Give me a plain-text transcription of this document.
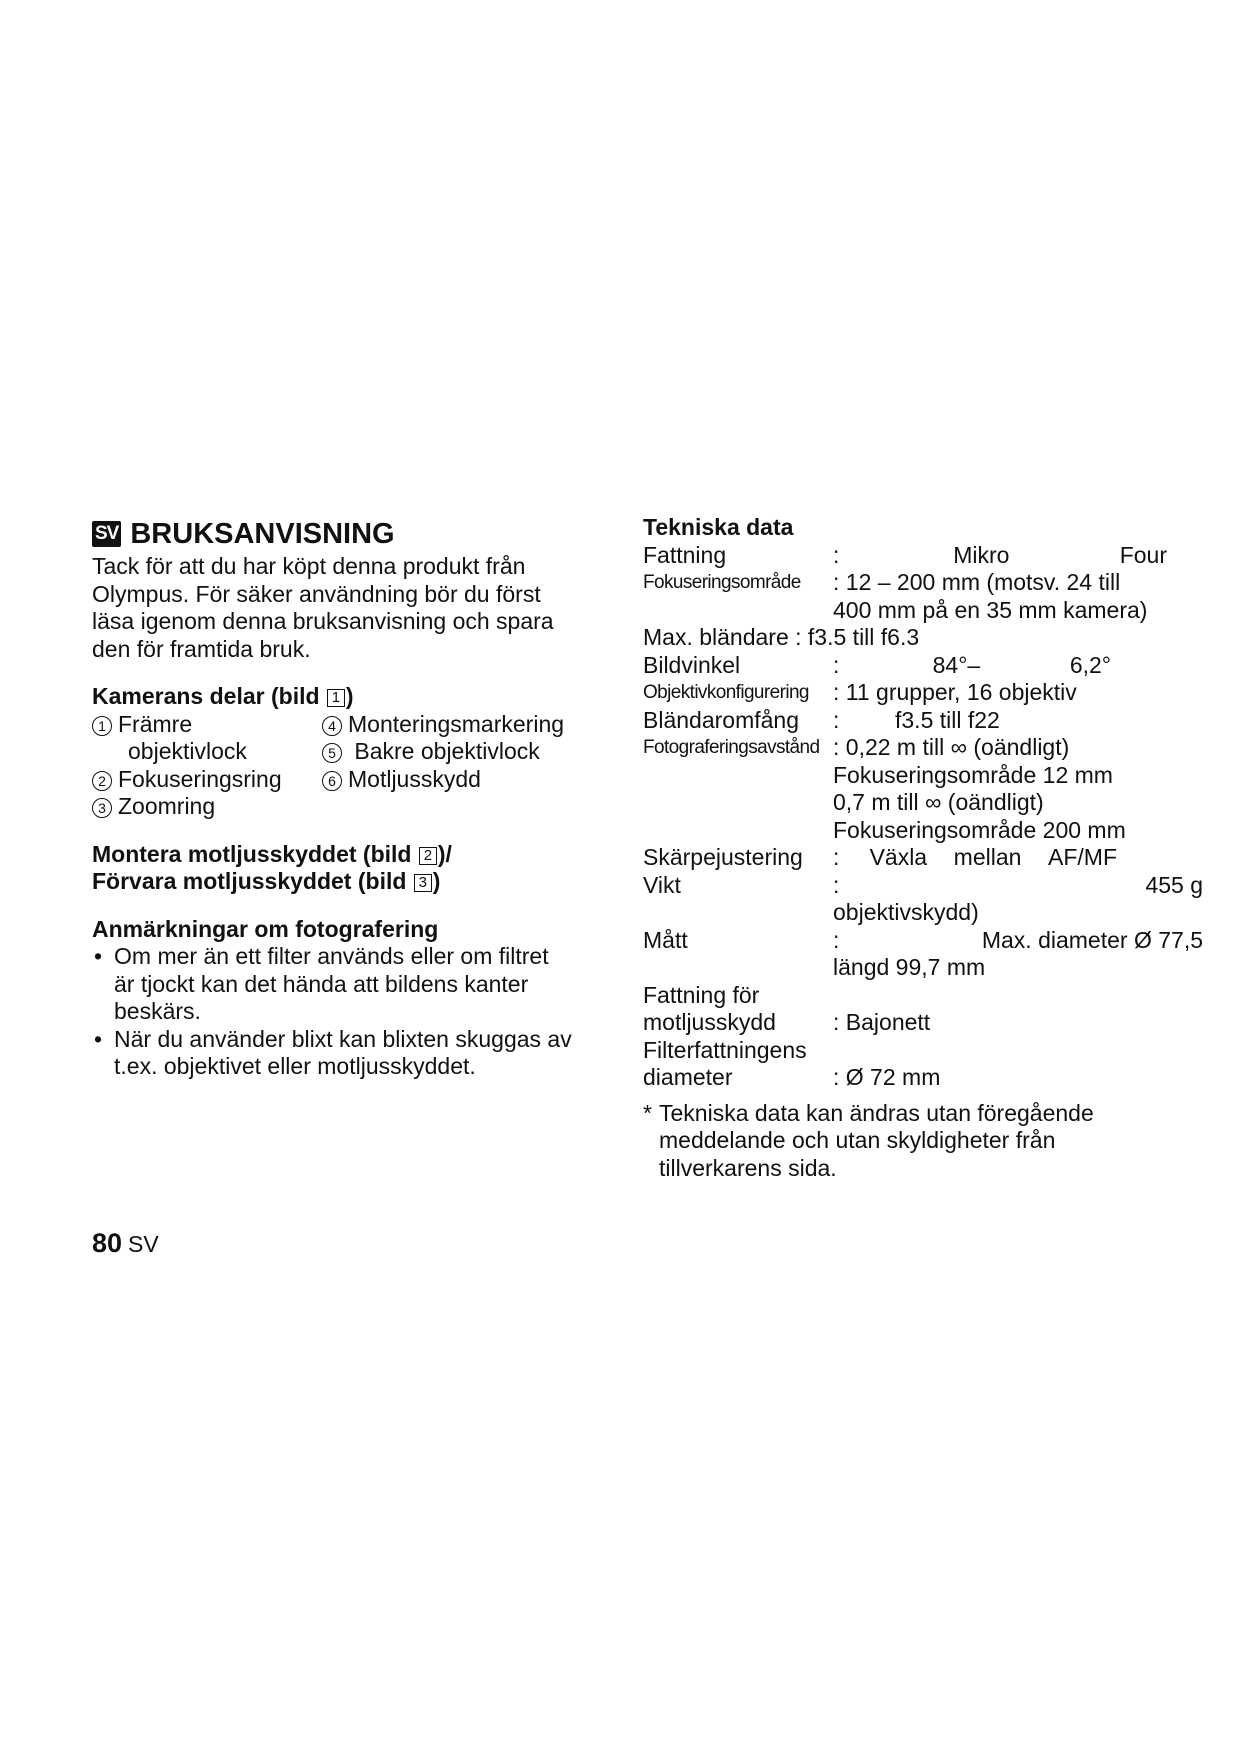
SV BRUKSANVISNING
Tack för att du har köpt denna produkt från
Olympus. För säker användning bör du först
läsa igenom denna bruksanvisning och spara
den för framtida bruk.
Kamerans delar (bild 1 )
1 Främre	4 Monteringsmarkering
objektivlock	5 Bakre objektivlock
2 Fokuseringsring	6 Motljusskydd
3 Zoomring
Montera motljusskyddet (bild 2 )/
Förvara motljusskyddet (bild 3 )
Anmärkningar om fotografering
• Om mer än ett filter används eller om filtret
är tjockt kan det hända att bildens kanter
beskärs.
• När du använder blixt kan blixten skuggas av
t.ex. objektivet eller motljusskyddet.
Tekniska data
Fattning	:	Mikro	Four
Fokuseringsområde	: 12 – 200 mm (motsv. 24 till
400 mm på en 35 mm kamera)
Max. bländare : f3.5 till f6.3
Bildvinkel	:	84°–	6,2°
Objektivkonfigurering	: 11 grupper, 16 objektiv
Bländaromfång	: f3.5 till f22
Fotograferingsavstånd : 0,22 m till ∞ (oändligt)
Fokuseringsområde 12 mm
0,7 m till ∞ (oändligt)
Fokuseringsområde 200 mm
Skärpejustering	: Växla mellan AF/MF
Vikt	:	455 g
objektivskydd)
Mått	:	Max. diameter Ø 77,5
längd 99,7 mm
Fattning för
motljusskydd	: Bajonett
Filterfattningens
diameter	: Ø 72 mm
* Tekniska data kan ändras utan föregående
meddelande och utan skyldigheter från
tillverkarens sida.
80 SV
